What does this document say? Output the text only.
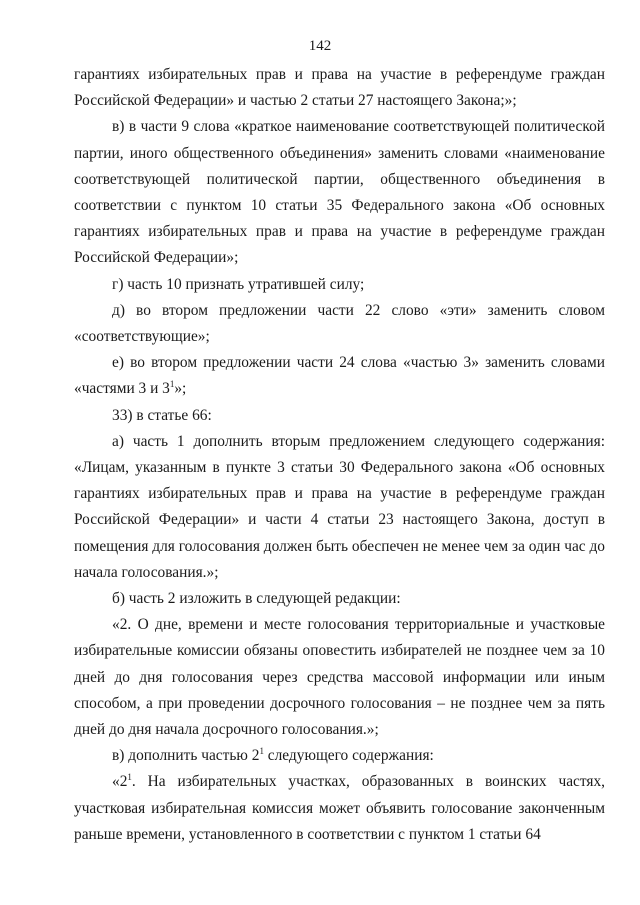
142

гарантиях избирательных прав и права на участие в референдуме граждан Российской Федерации» и частью 2 статьи 27 настоящего Закона;»;

в) в части 9 слова «краткое наименование соответствующей политической партии, иного общественного объединения» заменить словами «наименование соответствующей политической партии, общественного объединения в соответствии с пунктом 10 статьи 35 Федерального закона «Об основных гарантиях избирательных прав и права на участие в референдуме граждан Российской Федерации»;

г) часть 10 признать утратившей силу;

д) во втором предложении части 22 слово «эти» заменить словом «соответствующие»;

е) во втором предложении части 24 слова «частью 3» заменить словами «частями 3 и $3^1$»;

33) в статье 66:

а) часть 1 дополнить вторым предложением следующего содержания: «Лицам, указанным в пункте 3 статьи 30 Федерального закона «Об основных гарантиях избирательных прав и права на участие в референдуме граждан Российской Федерации» и части 4 статьи 23 настоящего Закона, доступ в помещения для голосования должен быть обеспечен не менее чем за один час до начала голосования.»;

б) часть 2 изложить в следующей редакции:

«2. О дне, времени и месте голосования территориальные и участковые избирательные комиссии обязаны оповестить избирателей не позднее чем за 10 дней до дня голосования через средства массовой информации или иным способом, а при проведении досрочного голосования – не позднее чем за пять дней до дня начала досрочного голосования.»;

в) дополнить частью $2^1$ следующего содержания:

«$2^1$. На избирательных участках, образованных в воинских частях, участковая избирательная комиссия может объявить голосование законченным раньше времени, установленного в соответствии с пунктом 1 статьи 64
